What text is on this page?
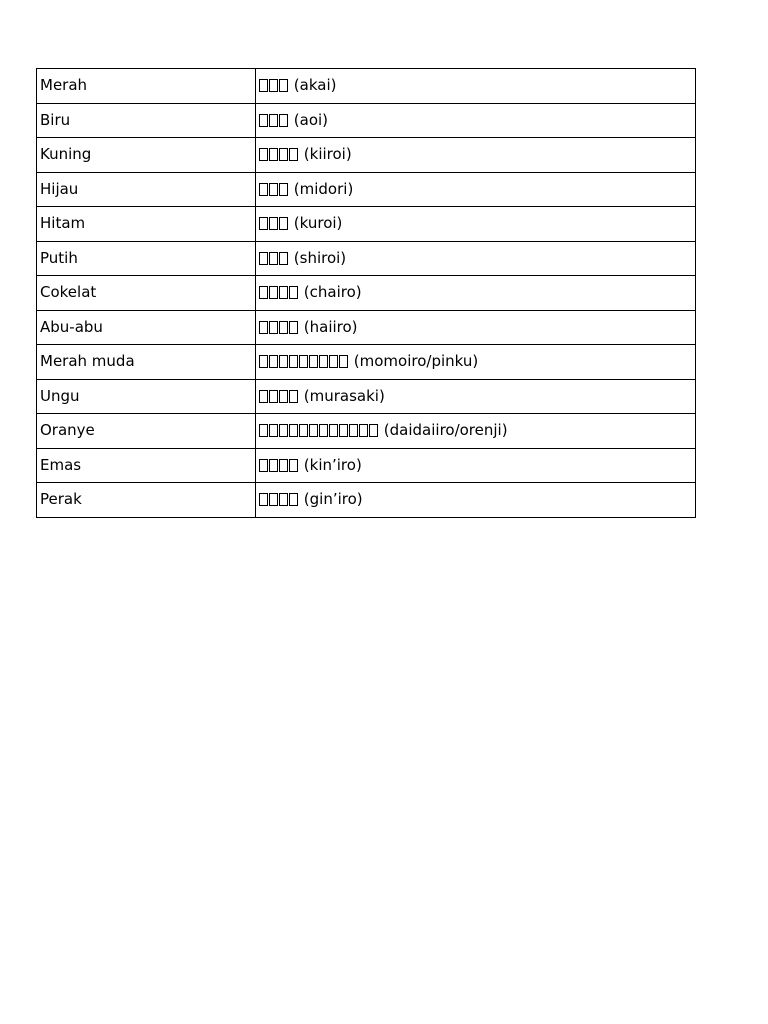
Merah	(akai)
Biru	(aoi)
Kuning	(kiiroi)
Hijau	(midori)
Hitam	(kuroi)
Putih	(shiroi)
Cokelat	(chairo)
Abu-abu	(haiiro)
Merah muda	(momoiro/pinku)
Ungu	(murasaki)
Oranye	(daidaiiro/orenji)
Emas	(kin’iro)
Perak	(gin’iro)
